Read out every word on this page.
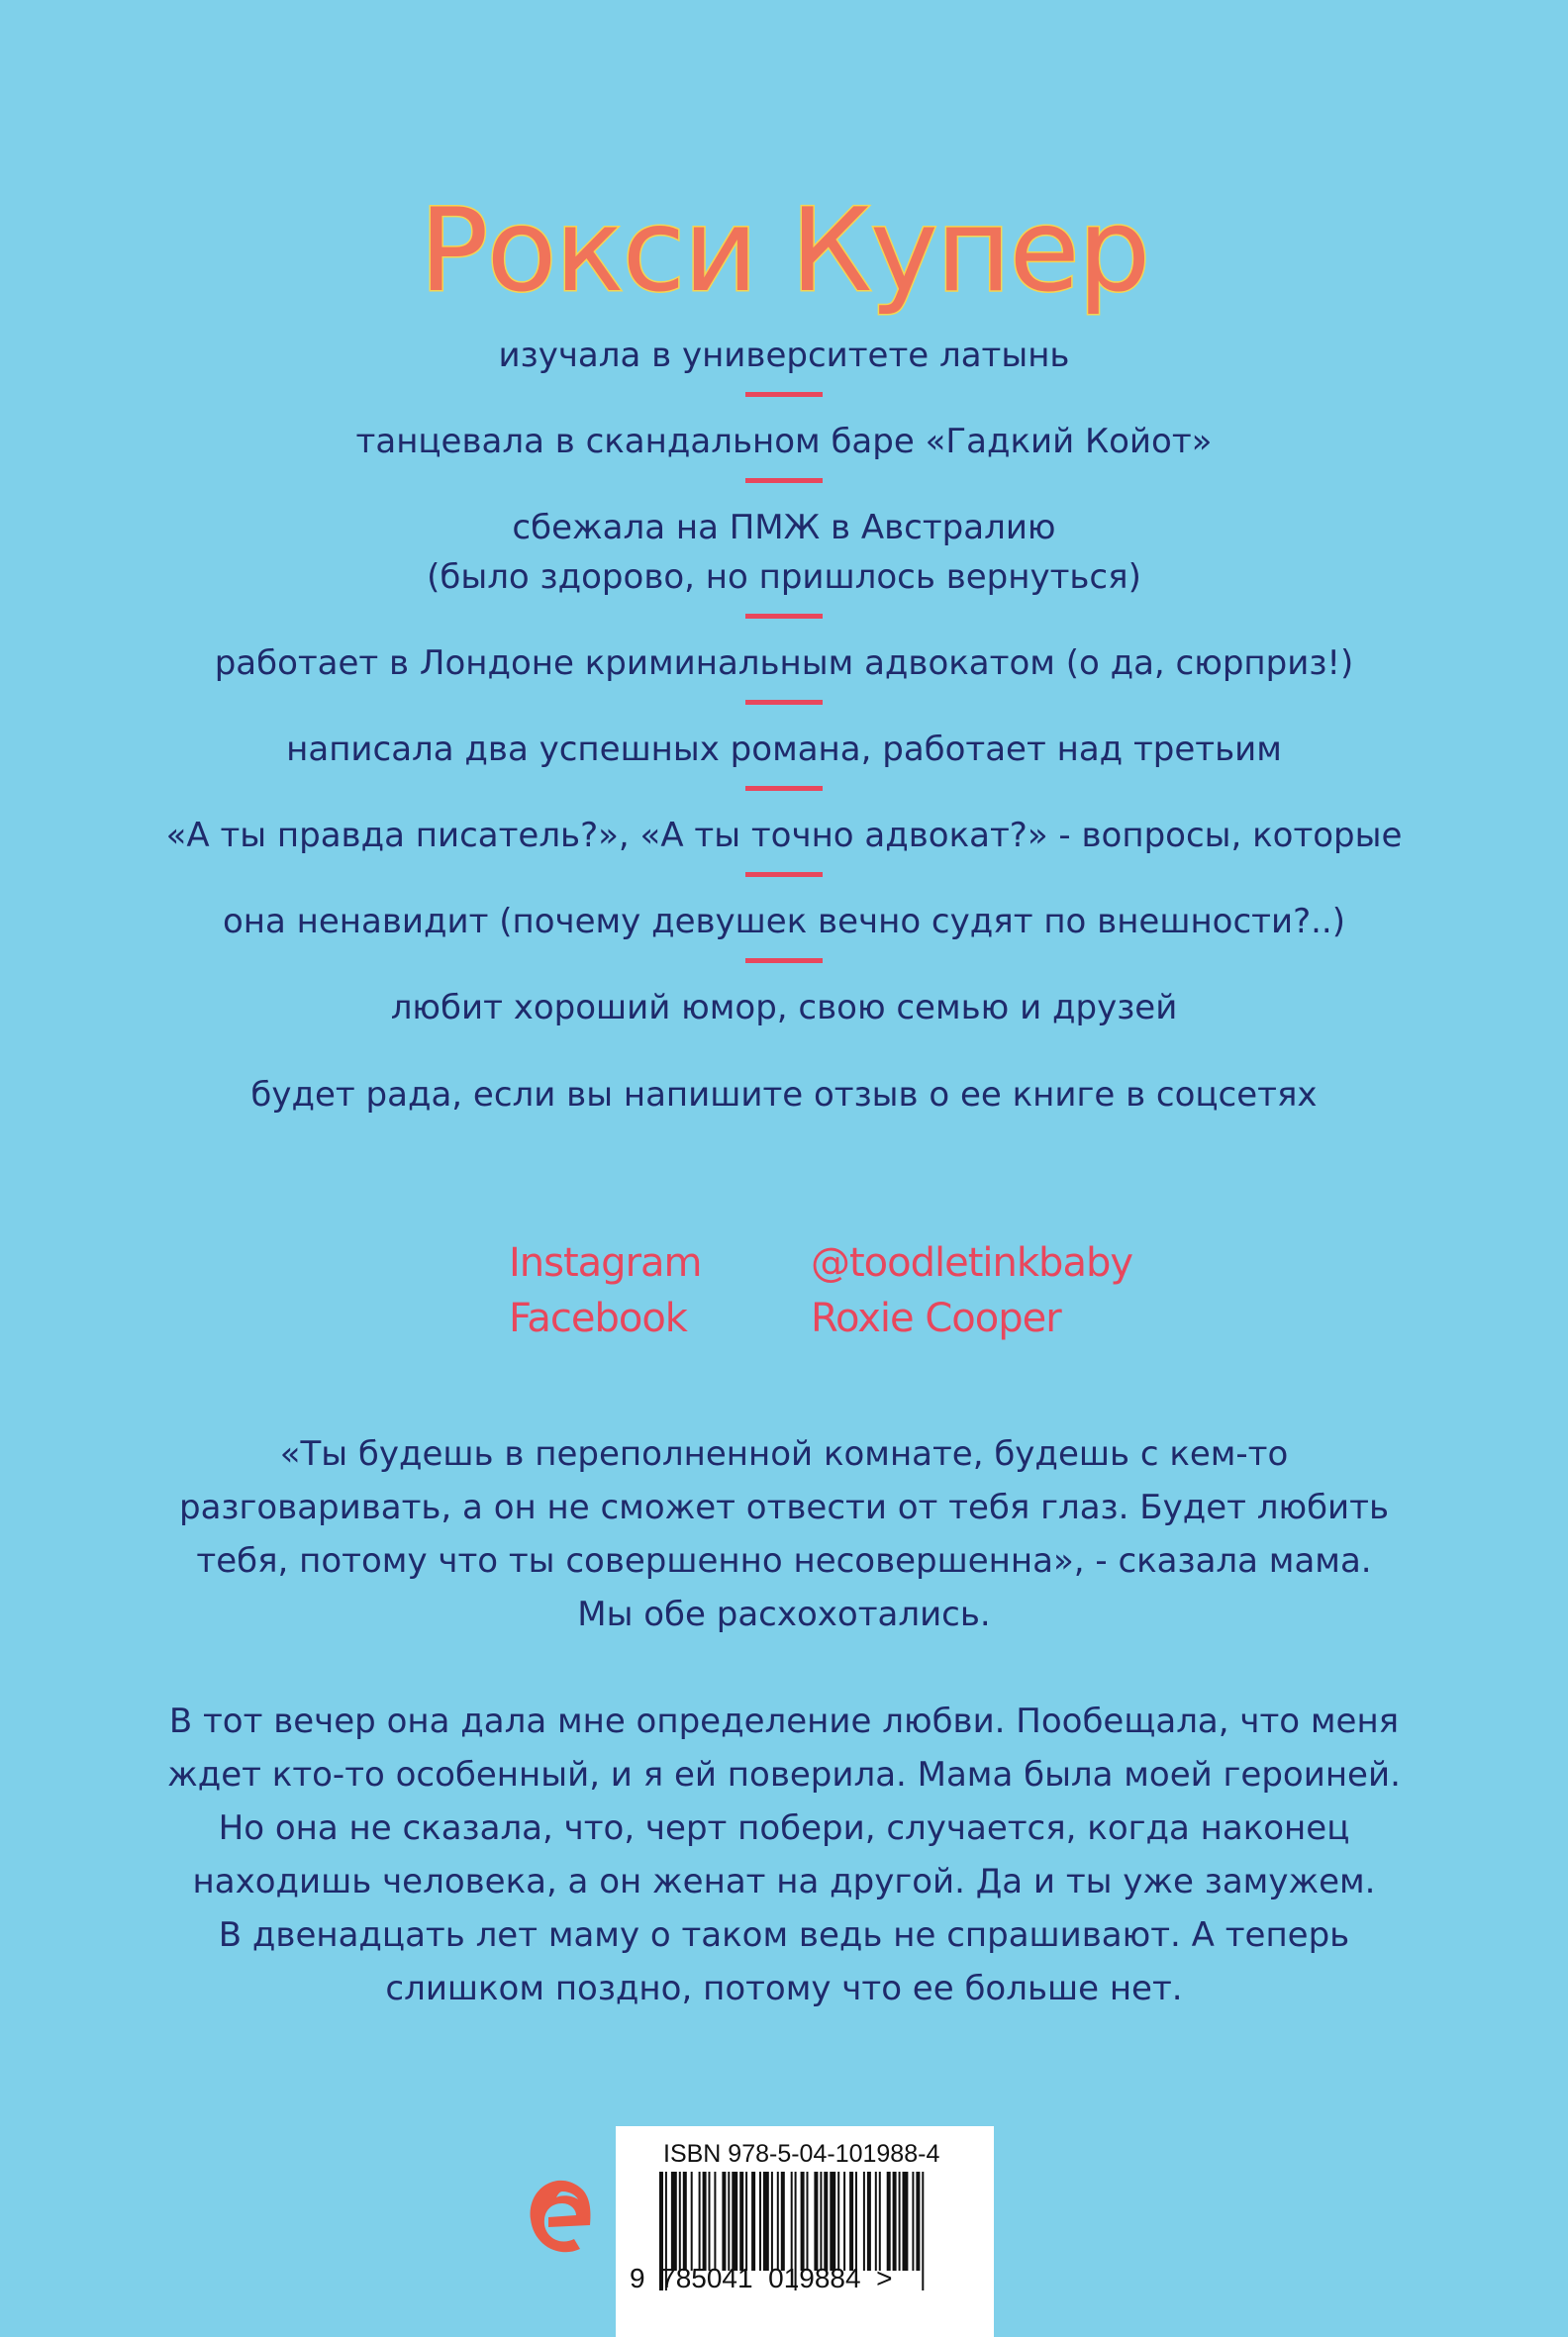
Рокси Купер

изучала в университете латынь

танцевала в скандальном баре «Гадкий Койот»

сбежала на ПМЖ в Австралию
(было здорово, но пришлось вернуться)

работает в Лондоне криминальным адвокатом (о да, сюрприз!)

написала два успешных романа, работает над третьим

«А ты правда писатель?», «А ты точно адвокат?» - вопросы, которые

она ненавидит (почему девушек вечно судят по внешности?..)

любит хороший юмор, свою семью и друзей

будет рада, если вы напишите отзыв о ее книге в соцсетях

Instagram	@toodletinkbaby
Facebook	Roxie Cooper

«Ты будешь в переполненной комнате, будешь с кем-то
разговаривать, а он не сможет отвести от тебя глаз. Будет любить
тебя, потому что ты совершенно несовершенна», - сказала мама.
Мы обе расхохотались.

В тот вечер она дала мне определение любви. Пообещала, что меня
ждет кто-то особенный, и я ей поверила. Мама была моей героиней.
Но она не сказала, что, черт побери, случается, когда наконец
находишь человека, а он женат на другой. Да и ты уже замужем.
В двенадцать лет маму о таком ведь не спрашивают. А теперь
слишком поздно, потому что ее больше нет.

ISBN 978-5-04-101988-4
9  785041  019884  >
